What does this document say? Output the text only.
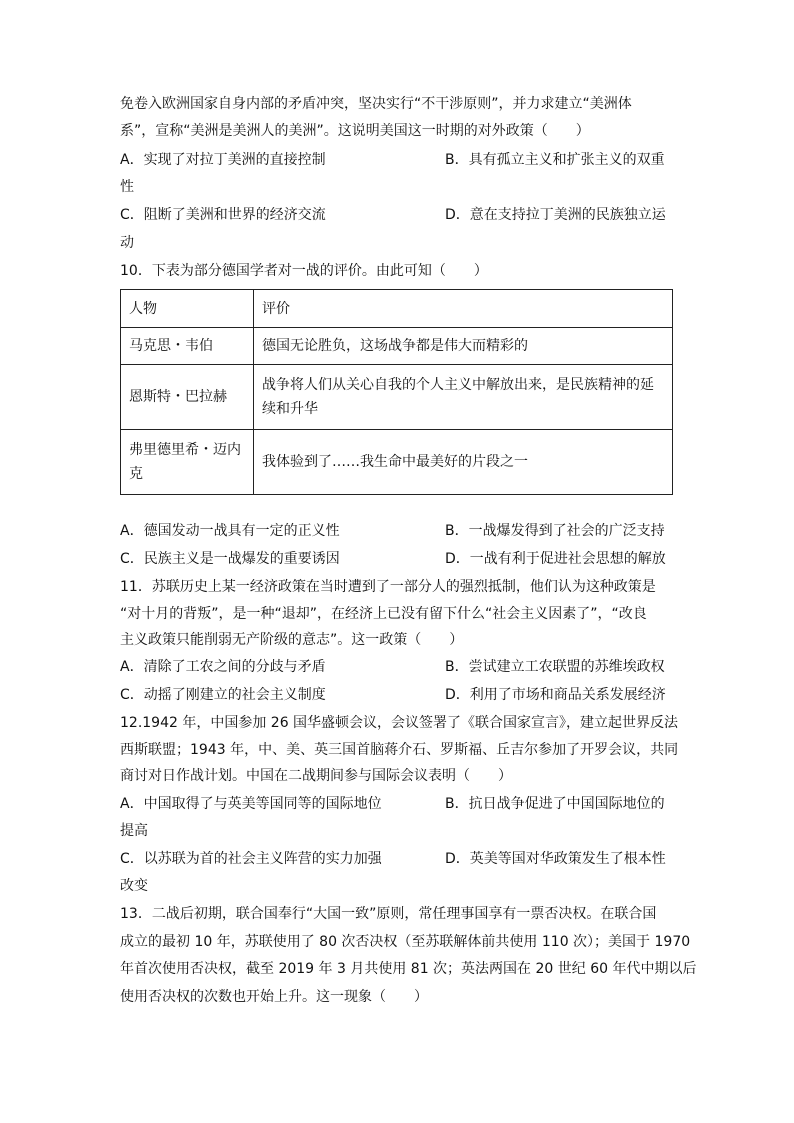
免卷入欧洲国家自身内部的矛盾冲突，坚决实行“不干涉原则”，并力求建立“美洲体
系”，宣称“美洲是美洲人的美洲”。这说明美国这一时期的对外政策（　　）
A．实现了对拉丁美洲的直接控制	B．具有孤立主义和扩张主义的双重
性
C．阻断了美洲和世界的经济交流	D．意在支持拉丁美洲的民族独立运
动
10．下表为部分德国学者对一战的评价。由此可知（　　）
人物	评价
马克思・韦伯	德国无论胜负，这场战争都是伟大而精彩的
恩斯特・巴拉赫	战争将人们从关心自我的个人主义中解放出来，是民族精神的延
续和升华

弗里德里希・迈内
克	我体验到了……我生命中最美好的片段之一
A．德国发动一战具有一定的正义性	B．一战爆发得到了社会的广泛支持
C．民族主义是一战爆发的重要诱因	D．一战有利于促进社会思想的解放
11．苏联历史上某一经济政策在当时遭到了一部分人的强烈抵制，他们认为这种政策是
“对十月的背叛”，是一种“退却”，在经济上已没有留下什么“社会主义因素了”，“改良
主义政策只能削弱无产阶级的意志”。这一政策（　　）
A．清除了工农之间的分歧与矛盾	B．尝试建立工农联盟的苏维埃政权
C．动摇了刚建立的社会主义制度	D．利用了市场和商品关系发展经济
12.1942 年，中国参加 26 国华盛顿会议，会议签署了《联合国家宣言》，建立起世界反法
西斯联盟；1943 年，中、美、英三国首脑蒋介石、罗斯福、丘吉尔参加了开罗会议，共同
商讨对日作战计划。中国在二战期间参与国际会议表明（　　）
A．中国取得了与英美等国同等的国际地位	B．抗日战争促进了中国国际地位的
提高
C．以苏联为首的社会主义阵营的实力加强	D．英美等国对华政策发生了根本性
改变
13．二战后初期，联合国奉行“大国一致”原则，常任理事国享有一票否决权。在联合国
成立的最初 10 年，苏联使用了 80 次否决权（至苏联解体前共使用 110 次）；美国于 1970
年首次使用否决权，截至 2019 年 3 月共使用 81 次；英法两国在 20 世纪 60 年代中期以后
使用否决权的次数也开始上升。这一现象（　　）
